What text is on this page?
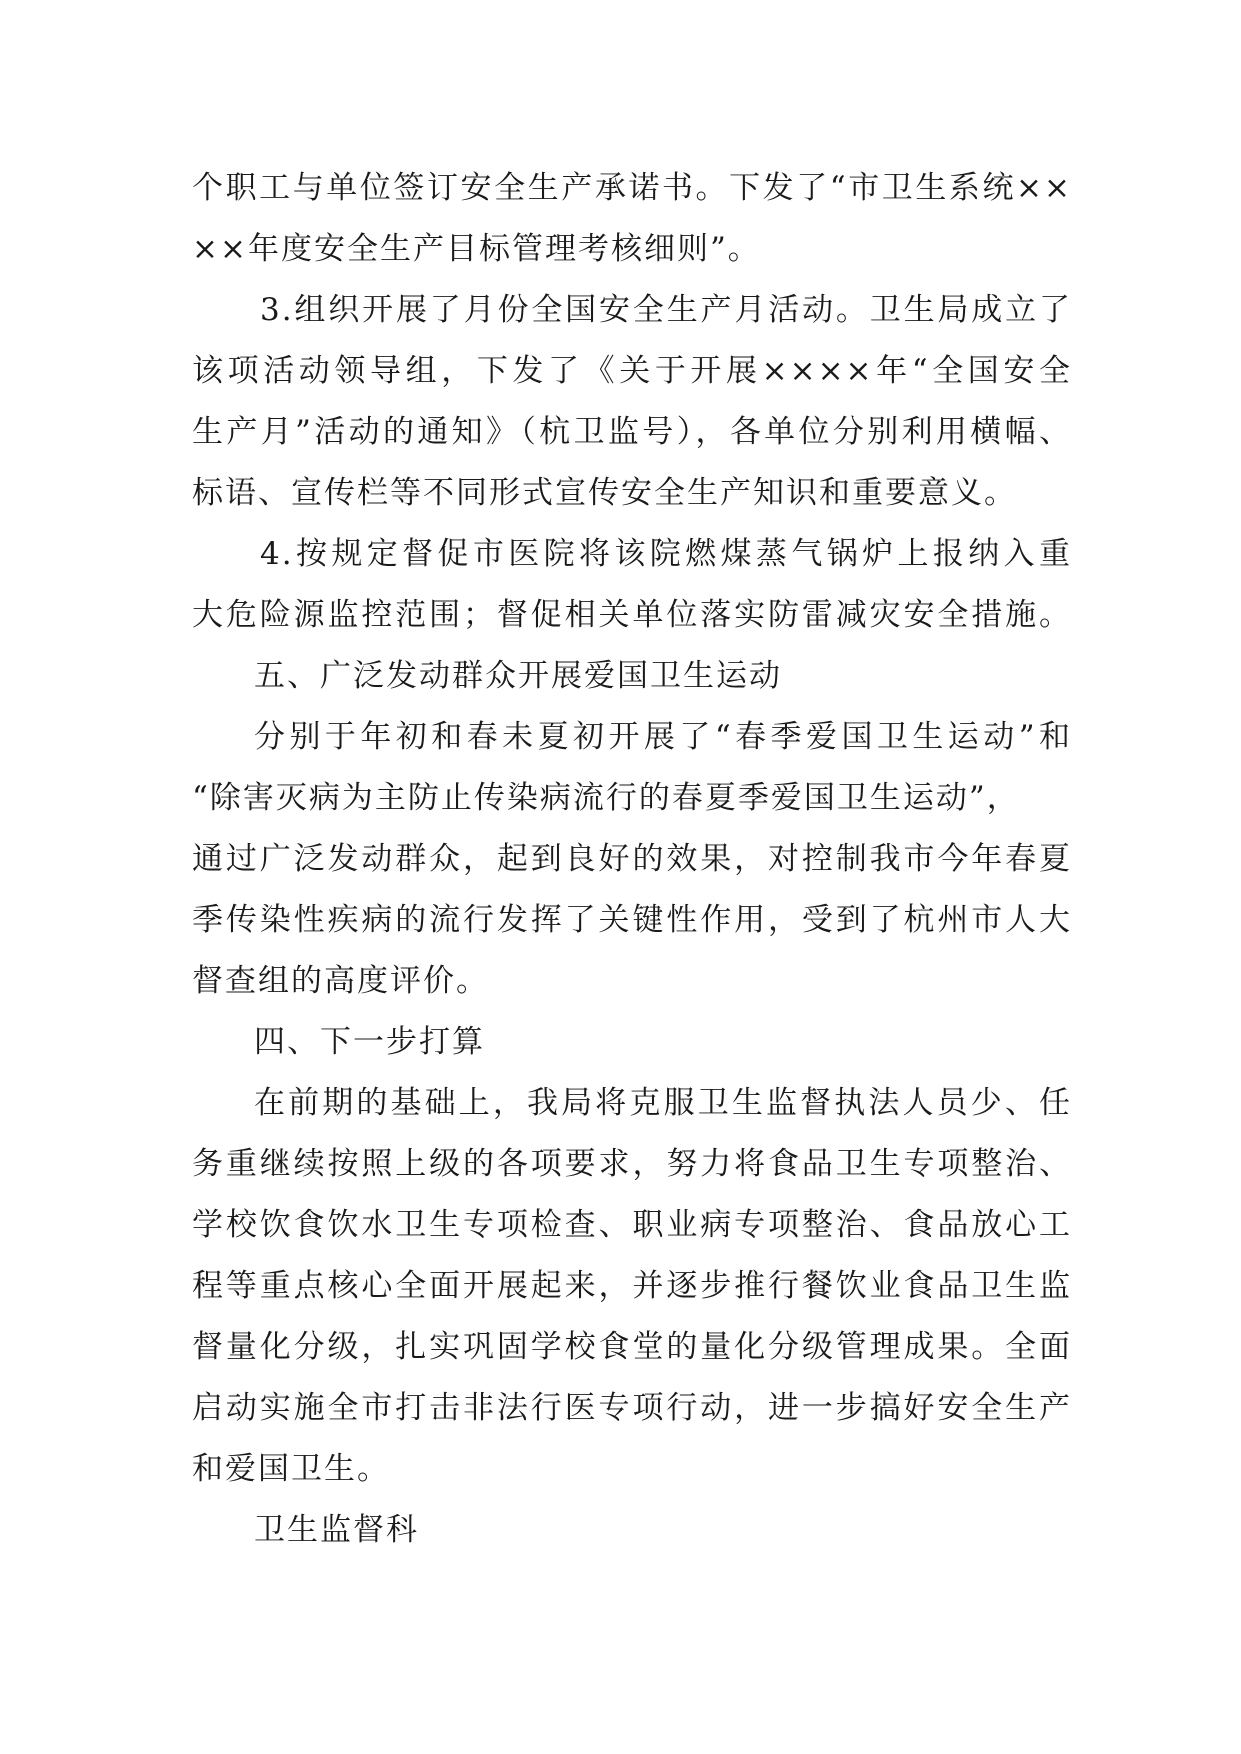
个职工与单位签订安全生产承诺书。下发了“市卫生系统××
××年度安全生产目标管理考核细则”。
3.组织开展了月份全国安全生产月活动。卫生局成立了
该项活动领导组，下发了《关于开展××××年“全国安全
生产月”活动的通知》（杭卫监号），各单位分别利用横幅、
标语、宣传栏等不同形式宣传安全生产知识和重要意义。
4.按规定督促市医院将该院燃煤蒸气锅炉上报纳入重
大危险源监控范围；督促相关单位落实防雷减灾安全措施。
五、广泛发动群众开展爱国卫生运动
分别于年初和春未夏初开展了“春季爱国卫生运动”和
“除害灭病为主防止传染病流行的春夏季爱国卫生运动”，
通过广泛发动群众，起到良好的效果，对控制我市今年春夏
季传染性疾病的流行发挥了关键性作用，受到了杭州市人大
督查组的高度评价。
四、下一步打算
在前期的基础上，我局将克服卫生监督执法人员少、任
务重继续按照上级的各项要求，努力将食品卫生专项整治、
学校饮食饮水卫生专项检查、职业病专项整治、食品放心工
程等重点核心全面开展起来，并逐步推行餐饮业食品卫生监
督量化分级，扎实巩固学校食堂的量化分级管理成果。全面
启动实施全市打击非法行医专项行动，进一步搞好安全生产
和爱国卫生。
卫生监督科
